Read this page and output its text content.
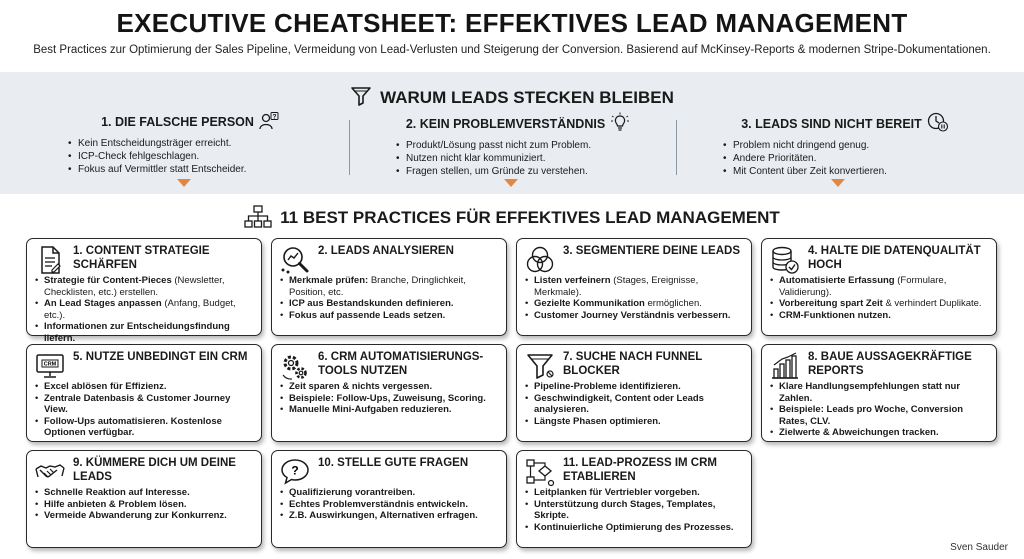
EXECUTIVE CHEATSHEET: EFFEKTIVES LEAD MANAGEMENT
Best Practices zur Optimierung der Sales Pipeline, Vermeidung von Lead-Verlusten und Steigerung der Conversion. Basierend auf McKinsey-Reports & modernen Stripe-Dokumentationen.
WARUM LEADS STECKEN BLEIBEN
1. DIE FALSCHE PERSON	?
• Kein Entscheidungsträger erreicht.
• ICP-Check fehlgeschlagen.
• Fokus auf Vermittler statt Entscheider.
2. KEIN PROBLEMVERSTÄNDNIS
• Produkt/Lösung passt nicht zum Problem.
• Nutzen nicht klar kommuniziert.
• Fragen stellen, um Gründe zu verstehen.
3. LEADS SIND NICHT BEREIT
• Problem nicht dringend genug.
• Andere Prioritäten.
• Mit Content über Zeit konvertieren.
11 BEST PRACTICES FÜR EFFEKTIVES LEAD MANAGEMENT
1. CONTENT STRATEGIE SCHÄRFEN
• Strategie für Content-Pieces (Newsletter, Checklisten, etc.) erstellen.
• An Lead Stages anpassen (Anfang, Budget, etc.).
• Informationen zur Entscheidungsfindung liefern.
2. LEADS ANALYSIEREN
• Merkmale prüfen: Branche, Dringlichkeit, Position, etc.
• ICP aus Bestandskunden definieren.
• Fokus auf passende Leads setzen.
3. SEGMENTIERE DEINE LEADS
• Listen verfeinern (Stages, Ereignisse, Merkmale).
• Gezielte Kommunikation ermöglichen.
• Customer Journey Verständnis verbessern.
4. HALTE DIE DATENQUALITÄT HOCH
• Automatisierte Erfassung (Formulare, Validierung).
• Vorbereitung spart Zeit & verhindert Duplikate.
• CRM-Funktionen nutzen.
CRM
5. NUTZE UNBEDINGT EIN CRM
• Excel ablösen für Effizienz.
• Zentrale Datenbasis & Customer Journey View.
• Follow-Ups automatisieren. Kostenlose Optionen verfügbar.
6. CRM AUTOMATISIERUNGS-TOOLS NUTZEN
• Zeit sparen & nichts vergessen.
• Beispiele: Follow-Ups, Zuweisung, Scoring.
• Manuelle Mini-Aufgaben reduzieren.
7. SUCHE NACH FUNNEL BLOCKER
• Pipeline-Probleme identifizieren.
• Geschwindigkeit, Content oder Leads analysieren.
• Längste Phasen optimieren.
8. BAUE AUSSAGEKRÄFTIGE REPORTS
• Klare Handlungsempfehlungen statt nur Zahlen.
• Beispiele: Leads pro Woche, Conversion Rates, CLV.
• Zielwerte & Abweichungen tracken.
9. KÜMMERE DICH UM DEINE LEADS
• Schnelle Reaktion auf Interesse.
• Hilfe anbieten & Problem lösen.
• Vermeide Abwanderung zur Konkurrenz.
?
10. STELLE GUTE FRAGEN
• Qualifizierung vorantreiben.
• Echtes Problemverständnis entwickeln.
• Z.B. Auswirkungen, Alternativen erfragen.
11. LEAD-PROZESS IM CRM ETABLIEREN
• Leitplanken für Vertriebler vorgeben.
• Unterstützung durch Stages, Templates, Skripte.
• Kontinuierliche Optimierung des Prozesses.
Sven Sauder
